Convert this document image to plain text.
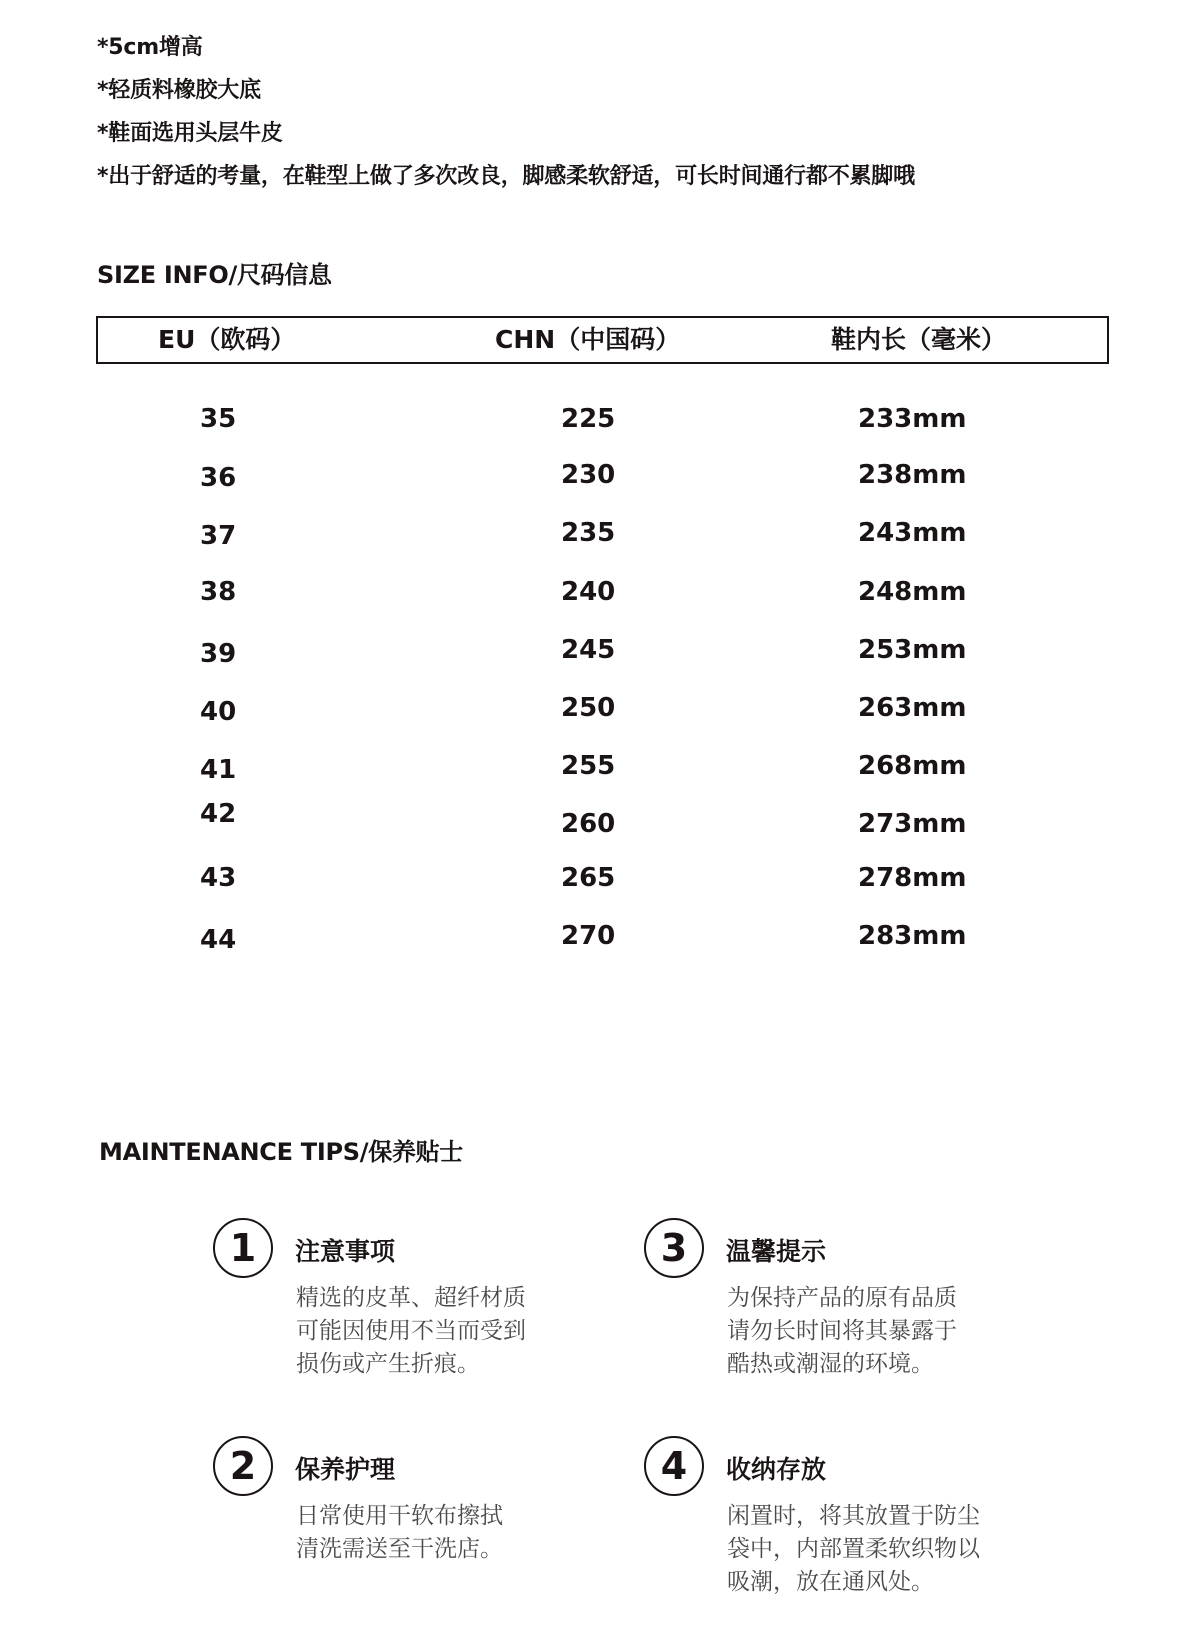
*5cm增高
*轻质料橡胶大底
*鞋面选用头层牛皮
*出于舒适的考量，在鞋型上做了多次改良，脚感柔软舒适，可长时间通行都不累脚哦
SIZE INFO/尺码信息
EU（欧码）	CHN（中国码）	鞋内长（毫米）
35	225	233mm
36	230	238mm
37	235	243mm
38	240	248mm
39	245	253mm
40	250	263mm
41	255	268mm
42	260	273mm
43	265	278mm
44	270	283mm
MAINTENANCE TIPS/保养贴士
1	注意事项
精选的皮革、超纤材质
可能因使用不当而受到
损伤或产生折痕。
3	温馨提示
为保持产品的原有品质
请勿长时间将其暴露于
酷热或潮湿的环境。
2	保养护理
日常使用干软布擦拭
清洗需送至干洗店。
4	收纳存放
闲置时，将其放置于防尘
袋中，内部置柔软织物以
吸潮，放在通风处。
